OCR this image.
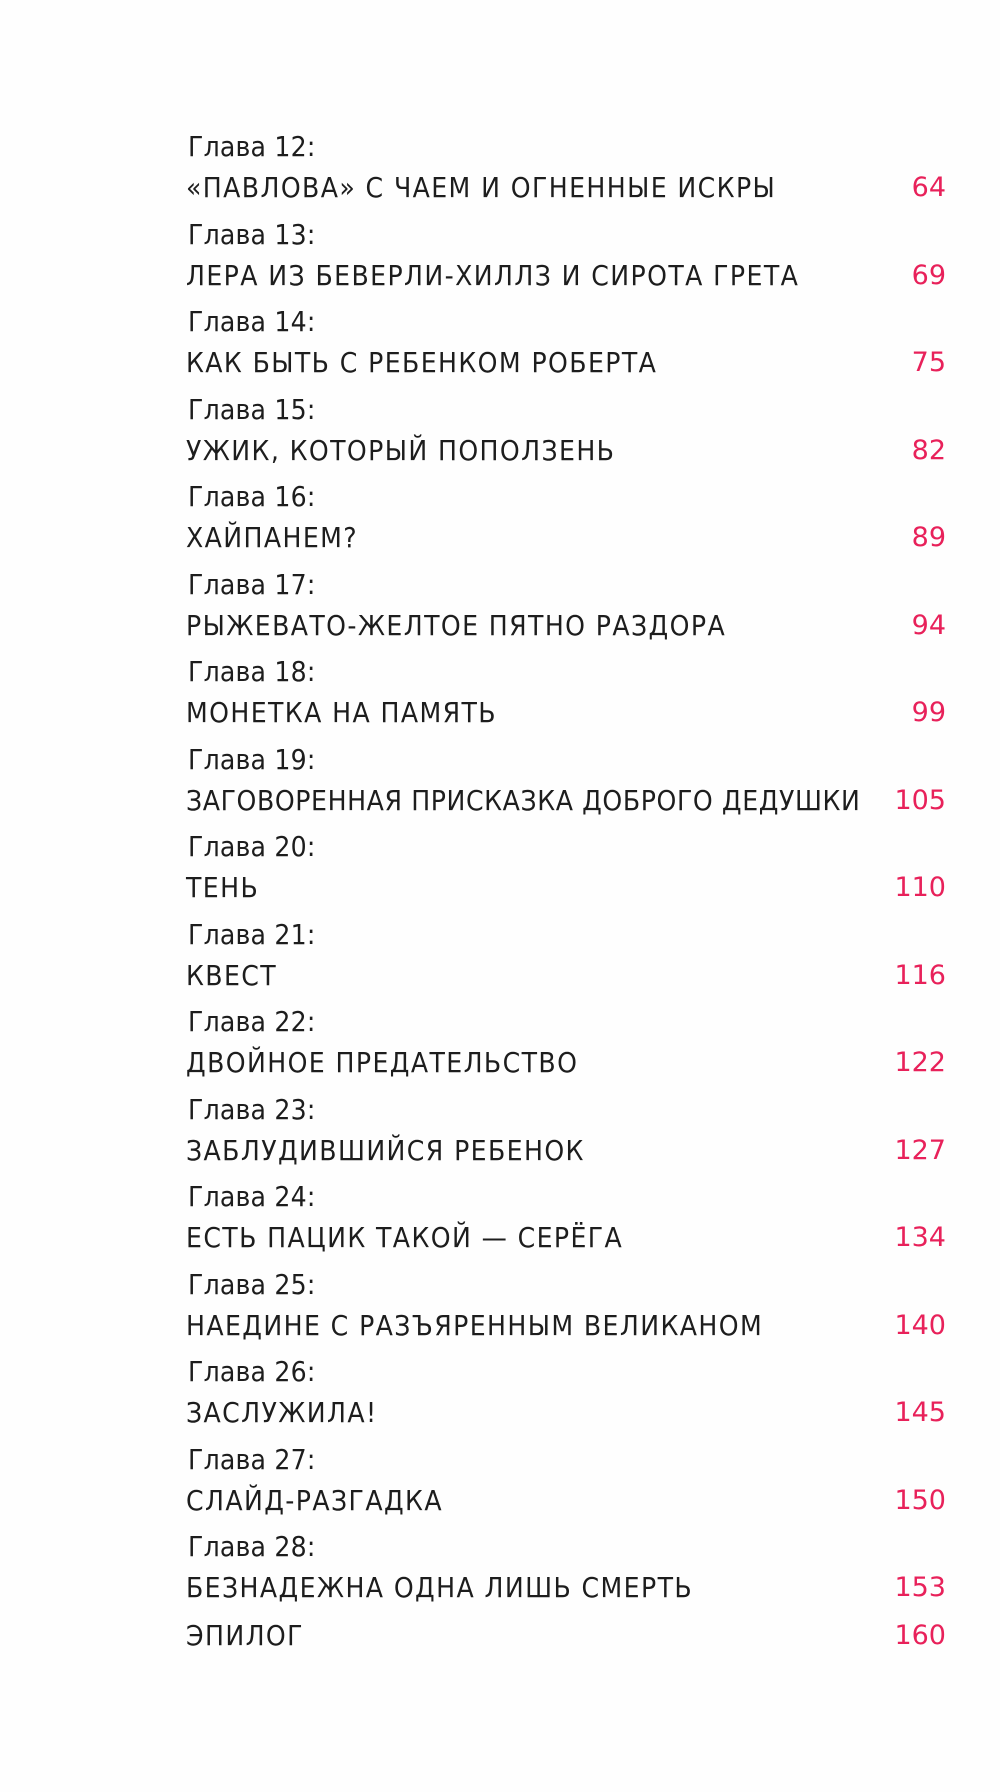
Глава 12:
«ПАВЛОВА» С ЧАЕМ И ОГНЕННЫЕ ИСКРЫ	64
Глава 13:
ЛЕРА ИЗ БЕВЕРЛИ-ХИЛЛЗ И СИРОТА ГРЕТА	69
Глава 14:
КАК БЫТЬ С РЕБЕНКОМ РОБЕРТА	75
Глава 15:
УЖИК, КОТОРЫЙ ПОПОЛЗЕНЬ	82
Глава 16:
ХАЙПАНЕМ?	89
Глава 17:
РЫЖЕВАТО-ЖЕЛТОЕ ПЯТНО РАЗДОРА	94
Глава 18:
МОНЕТКА НА ПАМЯТЬ	99
Глава 19:
ЗАГОВОРЕННАЯ ПРИСКАЗКА ДОБРОГО ДЕДУШКИ 105
Глава 20:
ТЕНЬ	110
Глава 21:
КВЕСТ	116
Глава 22:
ДВОЙНОЕ ПРЕДАТЕЛЬСТВО	122
Глава 23:
ЗАБЛУДИВШИЙСЯ РЕБЕНОК	127
Глава 24:
ЕСТЬ ПАЦИК ТАКОЙ — СЕРЁГА	134
Глава 25:
НАЕДИНЕ С РАЗЪЯРЕННЫМ ВЕЛИКАНОМ	140
Глава 26:
ЗАСЛУЖИЛА!	145
Глава 27:
СЛАЙД-РАЗГАДКА	150
Глава 28:
БЕЗНАДЕЖНА ОДНА ЛИШЬ СМЕРТЬ	153
ЭПИЛОГ	160
